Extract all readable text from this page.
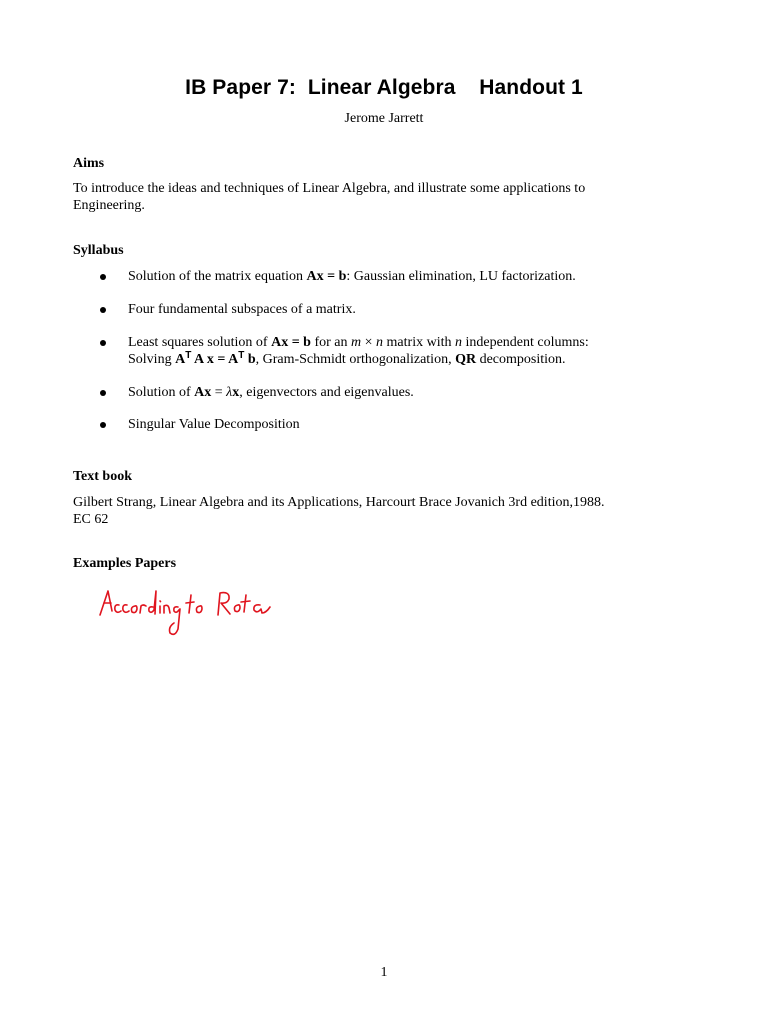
IB Paper 7:  Linear Algebra    Handout 1
Jerome Jarrett
Aims
To introduce the ideas and techniques of Linear Algebra, and illustrate some applications to
Engineering.
Syllabus
Solution of the matrix equation Ax = b: Gaussian elimination, LU factorization.
Four fundamental subspaces of a matrix.
Least squares solution of Ax = b for an m × n matrix with n independent columns:
Solving $A^T$ A $x = A^T$ b, Gram-Schmidt orthogonalization, QR decomposition.
Solution of Ax = λx, eigenvectors and eigenvalues.
Singular Value Decomposition
Text book
Gilbert Strang, Linear Algebra and its Applications, Harcourt Brace Jovanich 3rd edition,1988.
EC 62
Examples Papers
1
